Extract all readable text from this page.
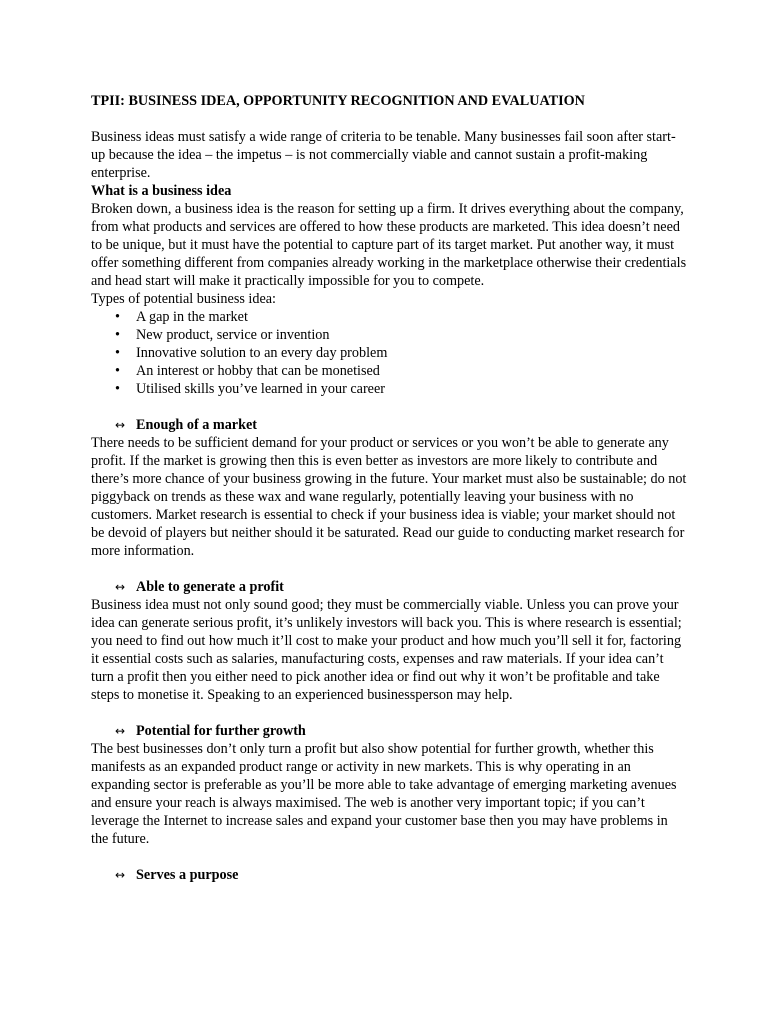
TPII: BUSINESS IDEA, OPPORTUNITY RECOGNITION AND EVALUATION

Business ideas must satisfy a wide range of criteria to be tenable. Many businesses fail soon after start-up because the idea – the impetus – is not commercially viable and cannot sustain a profit-making enterprise.

What is a business idea

Broken down, a business idea is the reason for setting up a firm. It drives everything about the company, from what products and services are offered to how these products are marketed. This idea doesn’t need to be unique, but it must have the potential to capture part of its target market. Put another way, it must offer something different from companies already working in the marketplace otherwise their credentials and head start will make it practically impossible for you to compete.

Types of potential business idea:

•	A gap in the market
•	New product, service or invention
•	Innovative solution to an every day problem
•	An interest or hobby that can be monetised
•	Utilised skills you’ve learned in your career
↔ Enough of a market

There needs to be sufficient demand for your product or services or you won’t be able to generate any profit. If the market is growing then this is even better as investors are more likely to contribute and there’s more chance of your business growing in the future. Your market must also be sustainable; do not piggyback on trends as these wax and wane regularly, potentially leaving your business with no customers. Market research is essential to check if your business idea is viable; your market should not be devoid of players but neither should it be saturated. Read our guide to conducting market research for more information.

↔ Able to generate a profit

Business idea must not only sound good; they must be commercially viable. Unless you can prove your idea can generate serious profit, it’s unlikely investors will back you. This is where research is essential; you need to find out how much it’ll cost to make your product and how much you’ll sell it for, factoring it essential costs such as salaries, manufacturing costs, expenses and raw materials. If your idea can’t turn a profit then you either need to pick another idea or find out why it won’t be profitable and take steps to monetise it. Speaking to an experienced businessperson may help.

↔ Potential for further growth

The best businesses don’t only turn a profit but also show potential for further growth, whether this manifests as an expanded product range or activity in new markets. This is why operating in an expanding sector is preferable as you’ll be more able to take advantage of emerging marketing avenues and ensure your reach is always maximised. The web is another very important topic; if you can’t leverage the Internet to increase sales and expand your customer base then you may have problems in the future.

↔ Serves a purpose
